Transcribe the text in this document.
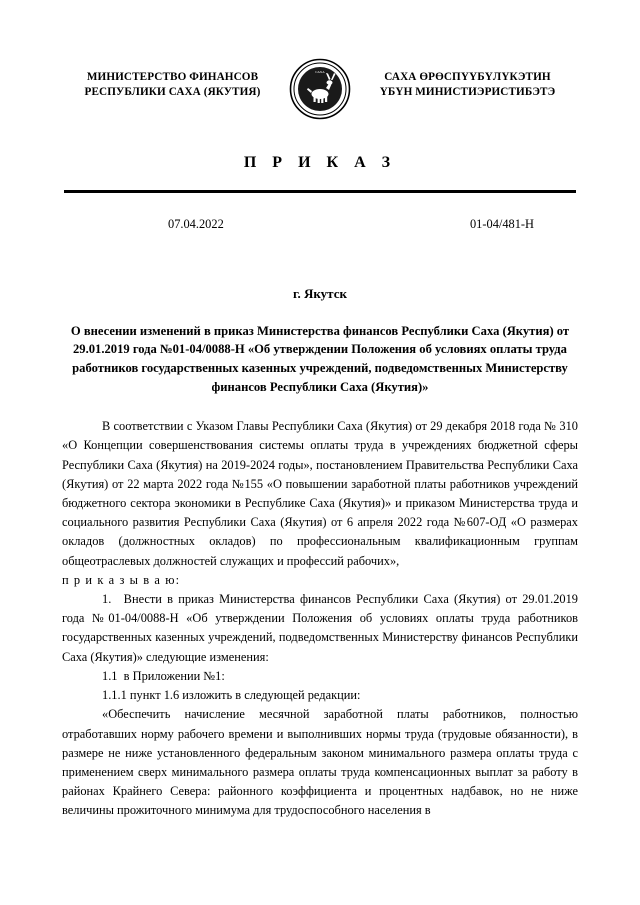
МИНИСТЕРСТВО ФИНАНСОВ
РЕСПУБЛИКИ САХА (ЯКУТИЯ)
САХА	САХА ӨРӨСПҮҮБҮЛҮКЭТИН
ҮБҮН МИНИСТИЭРИСТИБЭТЭ
П Р И К А З
07.04.2022	01-04/481-Н
г. Якутск
О внесении изменений в приказ Министерства финансов Республики Саха (Якутия) от 29.01.2019 года №01-04/0088-Н «Об утверждении Положения об условиях оплаты труда работников государственных казенных учреждений, подведомственных Министерству финансов Республики Саха (Якутия)»

В соответствии с Указом Главы Республики Саха (Якутия) от 29 декабря 2018 года № 310 «О Концепции совершенствования системы оплаты труда в учреждениях бюджетной сферы Республики Саха (Якутия) на 2019-2024 годы», постановлением Правительства Республики Саха (Якутия) от 22 марта 2022 года №155 «О повышении заработной платы работников учреждений бюджетного сектора экономики в Республике Саха (Якутия)» и приказом Министерства труда и социального развития Республики Саха (Якутия) от 6 апреля 2022 года №607-ОД «О размерах окладов (должностных окладов) по профессиональным квалификационным группам общеотраслевых должностей служащих и профессий рабочих»,

п р и к а з ы в а ю:

1. Внести в приказ Министерства финансов Республики Саха (Якутия) от 29.01.2019 года №01-04/0088-Н «Об утверждении Положения об условиях оплаты труда работников государственных казенных учреждений, подведомственных Министерству финансов Республики Саха (Якутия)» следующие изменения:

1.1 в Приложении №1:

1.1.1 пункт 1.6 изложить в следующей редакции:

«Обеспечить начисление месячной заработной платы работников, полностью отработавших норму рабочего времени и выполнивших нормы труда (трудовые обязанности), в размере не ниже установленного федеральным законом минимального размера оплаты труда с применением сверх минимального размера оплаты труда компенсационных выплат за работу в районах Крайнего Севера: районного коэффициента и процентных надбавок, но не ниже величины прожиточного минимума для трудоспособного населения в
